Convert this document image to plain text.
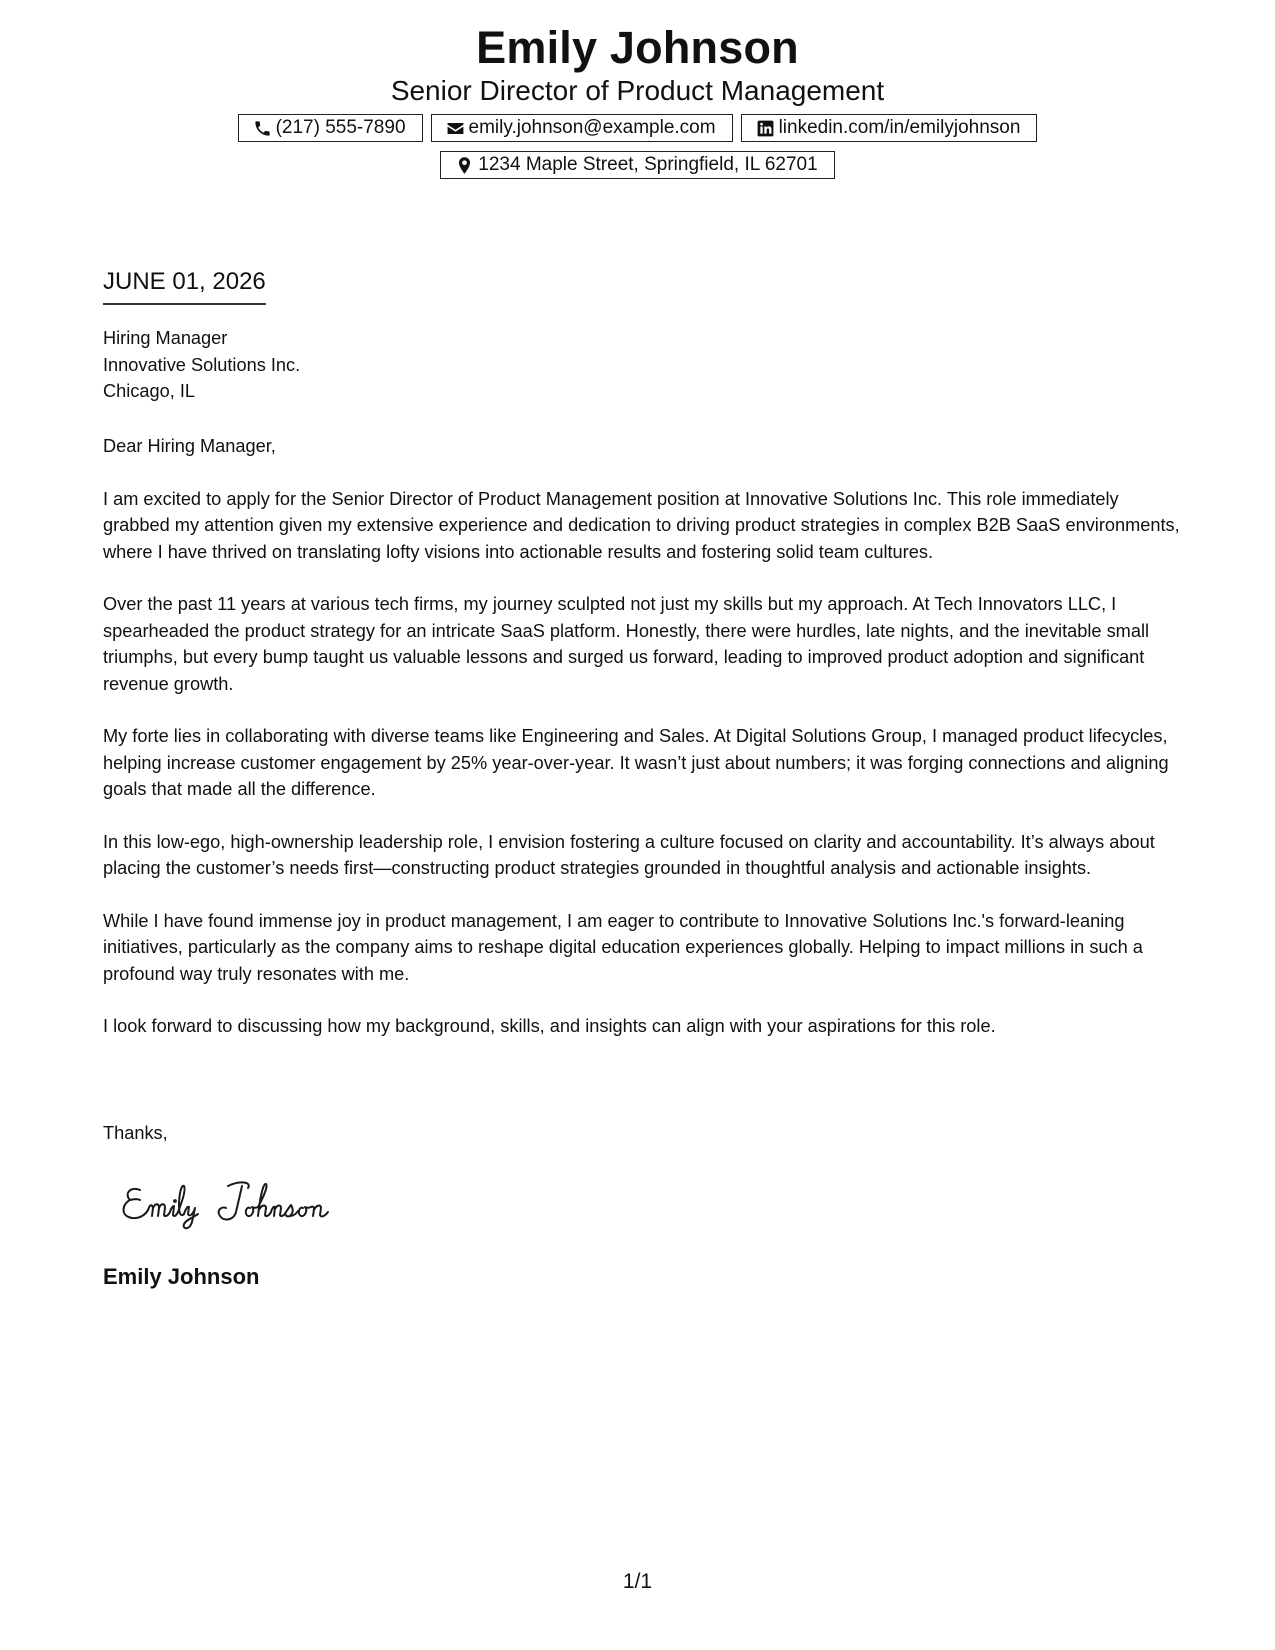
Emily Johnson
Senior Director of Product Management
(217) 555-7890	emily.johnson@example.com	linkedin.com/in/emilyjohnson
1234 Maple Street, Springfield, IL 62701
JUNE 01, 2026
Hiring Manager
Innovative Solutions Inc.
Chicago, IL

Dear Hiring Manager,

I am excited to apply for the Senior Director of Product Management position at Innovative Solutions Inc. This role immediately grabbed my attention given my extensive experience and dedication to driving product strategies in complex B2B SaaS environments, where I have thrived on translating lofty visions into actionable results and fostering solid team cultures.

Over the past 11 years at various tech firms, my journey sculpted not just my skills but my approach. At Tech Innovators LLC, I spearheaded the product strategy for an intricate SaaS platform. Honestly, there were hurdles, late nights, and the inevitable small triumphs, but every bump taught us valuable lessons and surged us forward, leading to improved product adoption and significant revenue growth.

My forte lies in collaborating with diverse teams like Engineering and Sales. At Digital Solutions Group, I managed product lifecycles, helping increase customer engagement by 25% year-over-year. It wasn’t just about numbers; it was forging connections and aligning goals that made all the difference.

In this low-ego, high-ownership leadership role, I envision fostering a culture focused on clarity and accountability. It’s always about placing the customer’s needs first—constructing product strategies grounded in thoughtful analysis and actionable insights.

While I have found immense joy in product management, I am eager to contribute to Innovative Solutions Inc.'s forward-leaning initiatives, particularly as the company aims to reshape digital education experiences globally. Helping to impact millions in such a profound way truly resonates with me.

I look forward to discussing how my background, skills, and insights can align with your aspirations for this role.

Thanks,
Emily Johnson
1/1
